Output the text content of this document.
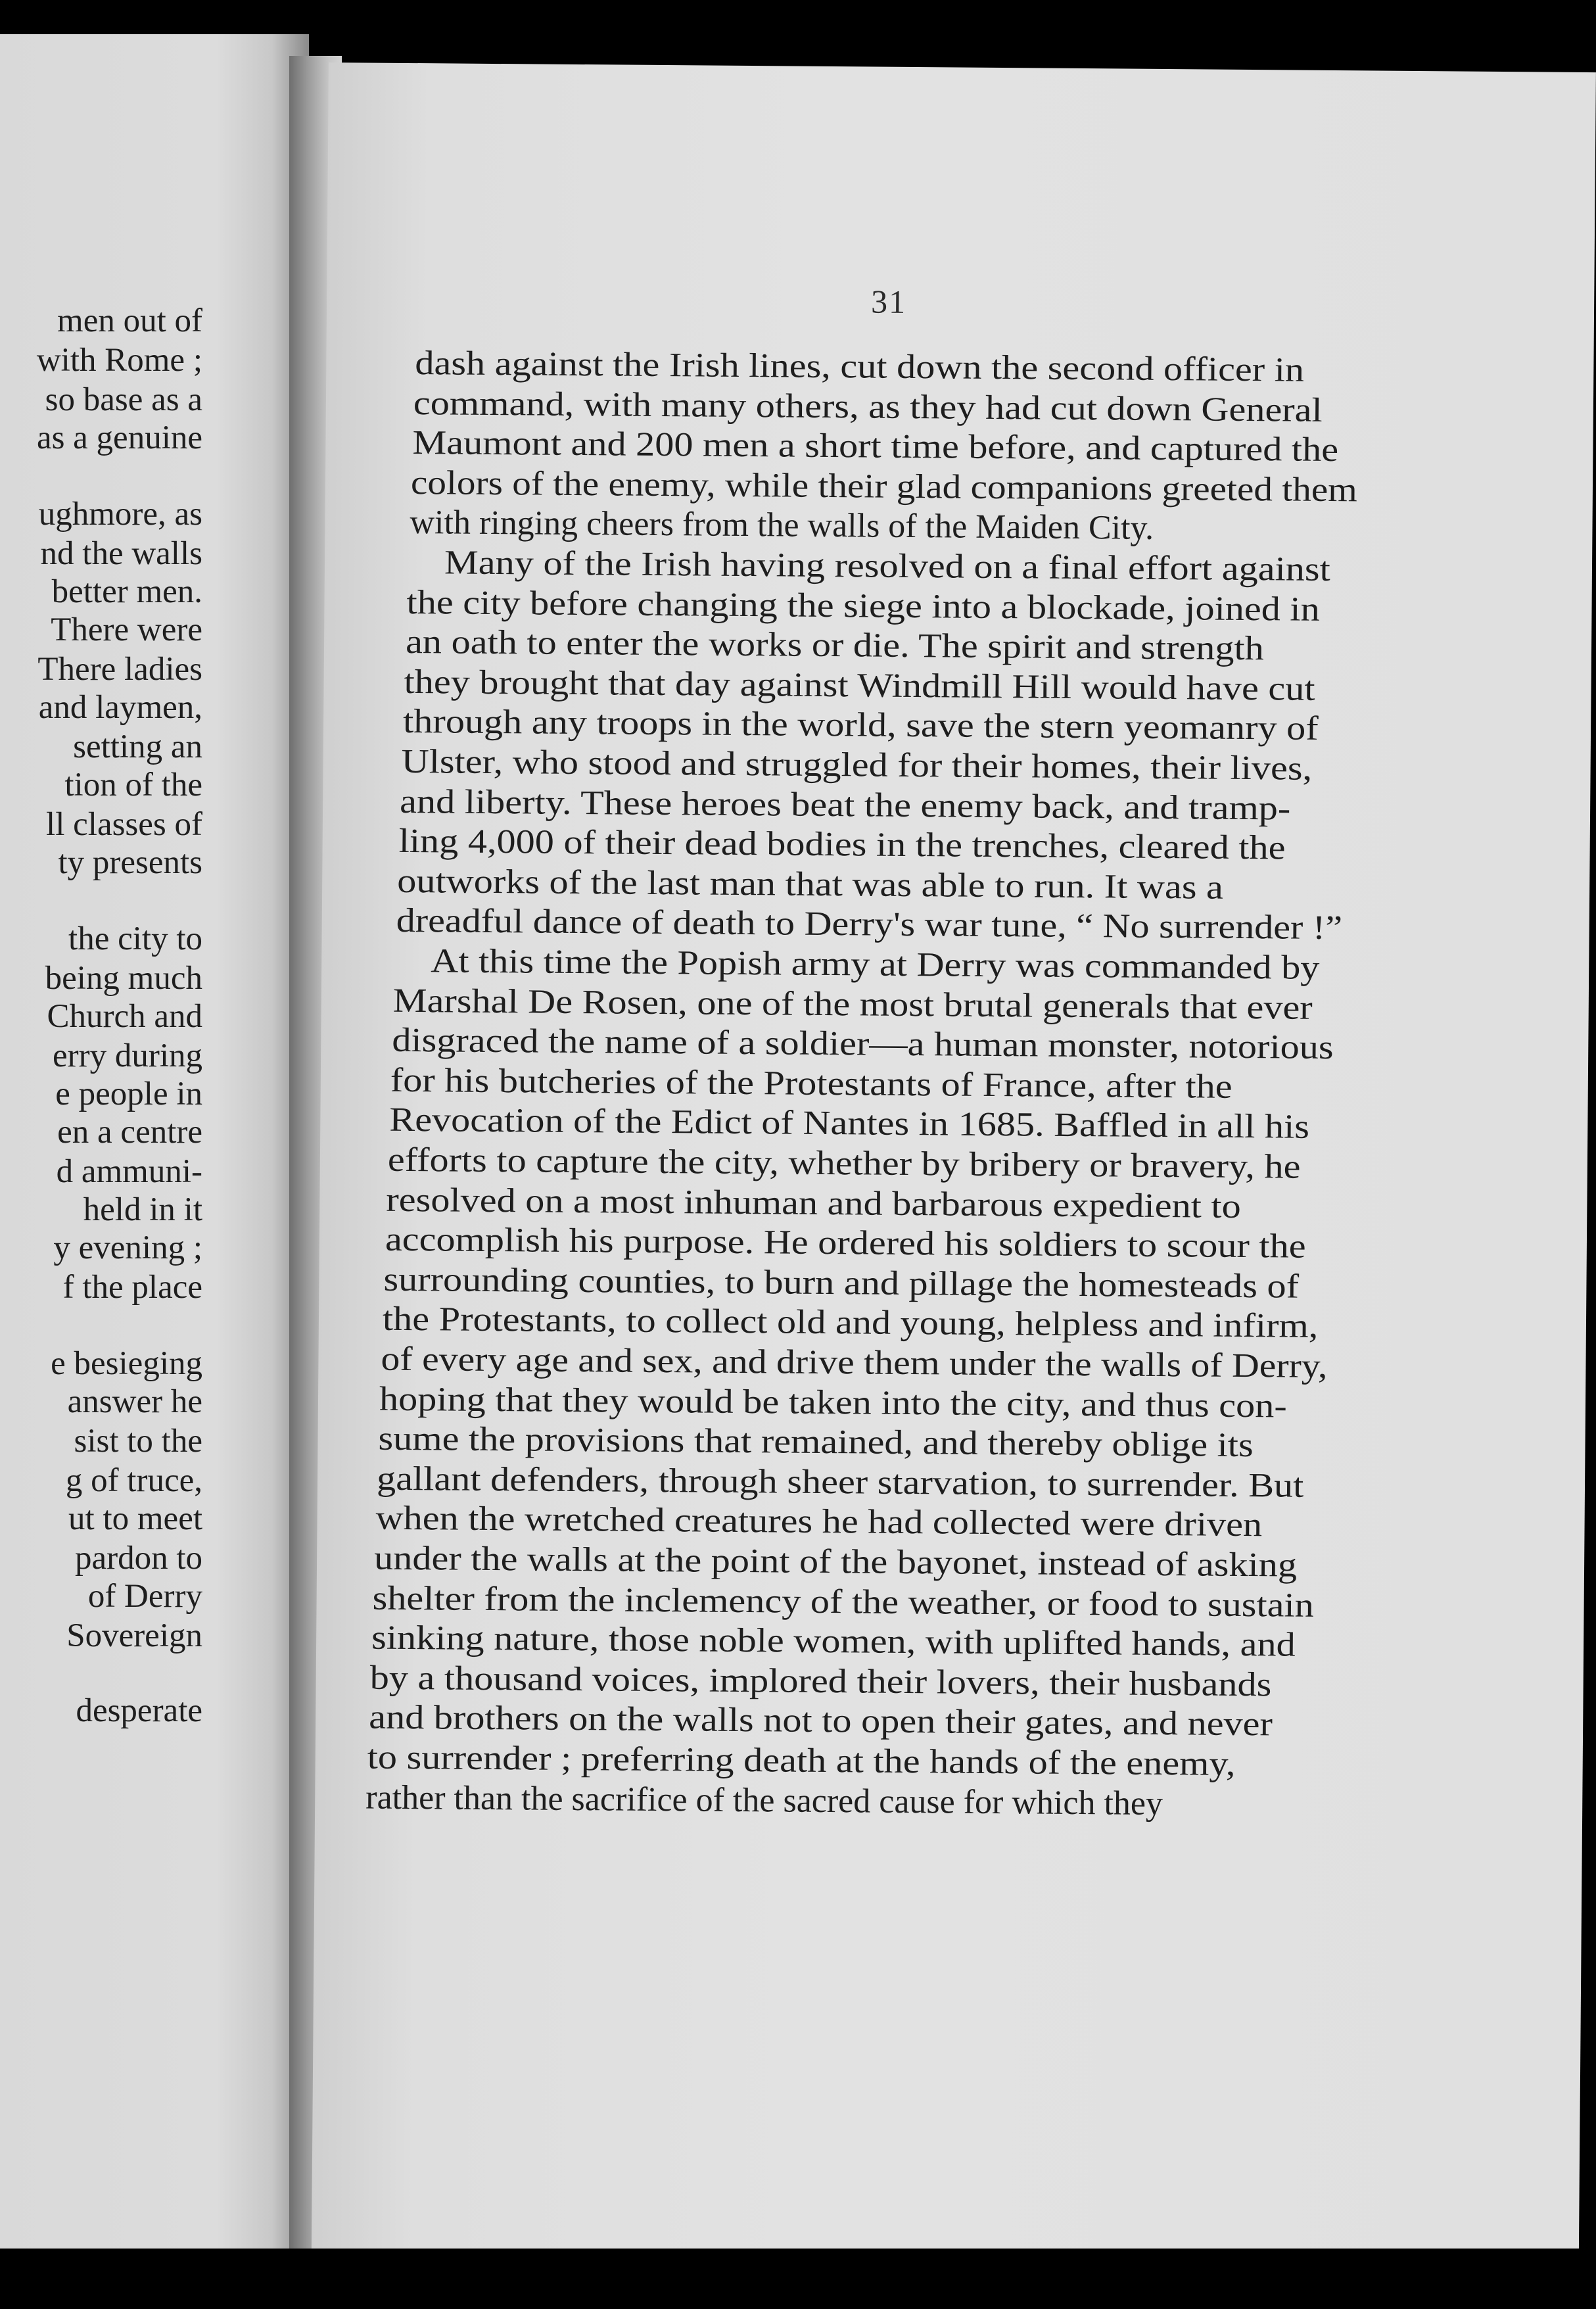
men out of
with Rome ;
so base as a
as a genuine
ughmore, as
nd the walls
better men.
There were
There ladies
and laymen,
setting an
tion of the
ll classes of
ty presents
the city to
being much
Church and
erry during
e people in
en a centre
d ammuni-
held in it
y evening ;
f the place
e besieging
answer he
sist to the
g of truce,
ut to meet
pardon to
of Derry
Sovereign
desperate
31
dash against the Irish lines, cut down the second officer in
command, with many others, as they had cut down General
Maumont and 200 men a short time before, and captured the
colors of the enemy, while their glad companions greeted them
with ringing cheers from the walls of the Maiden City.
Many of the Irish having resolved on a final effort against
the city before changing the siege into a blockade, joined in
an oath to enter the works or die. The spirit and strength
they brought that day against Windmill Hill would have cut
through any troops in the world, save the stern yeomanry of
Ulster, who stood and struggled for their homes, their lives,
and liberty. These heroes beat the enemy back, and tramp-
ling 4,000 of their dead bodies in the trenches, cleared the
outworks of the last man that was able to run. It was a
dreadful dance of death to Derry's war tune, “ No surrender !”
At this time the Popish army at Derry was commanded by
Marshal De Rosen, one of the most brutal generals that ever
disgraced the name of a soldier—a human monster, notorious
for his butcheries of the Protestants of France, after the
Revocation of the Edict of Nantes in 1685. Baffled in all his
efforts to capture the city, whether by bribery or bravery, he
resolved on a most inhuman and barbarous expedient to
accomplish his purpose. He ordered his soldiers to scour the
surrounding counties, to burn and pillage the homesteads of
the Protestants, to collect old and young, helpless and infirm,
of every age and sex, and drive them under the walls of Derry,
hoping that they would be taken into the city, and thus con-
sume the provisions that remained, and thereby oblige its
gallant defenders, through sheer starvation, to surrender. But
when the wretched creatures he had collected were driven
under the walls at the point of the bayonet, instead of asking
shelter from the inclemency of the weather, or food to sustain
sinking nature, those noble women, with uplifted hands, and
by a thousand voices, implored their lovers, their husbands
and brothers on the walls not to open their gates, and never
to surrender ; preferring death at the hands of the enemy,
rather than the sacrifice of the sacred cause for which they
